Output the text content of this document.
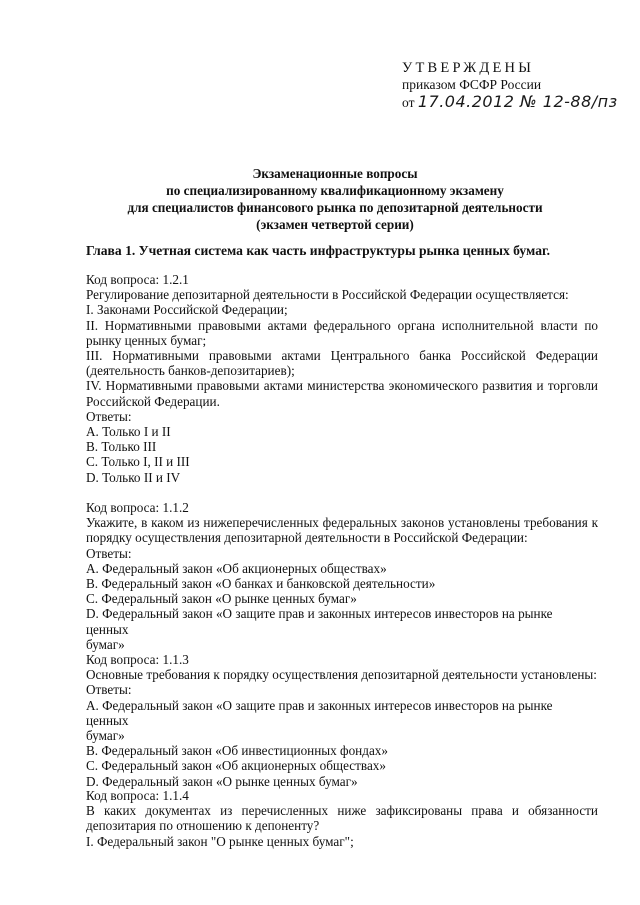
УТВЕРЖДЕНЫ
приказом ФСФР России
от 17.04.2012 № 12-88/пз
Экзаменационные вопросы
по специализированному квалификационному экзамену
для специалистов финансового рынка по депозитарной деятельности
(экзамен четвертой серии)
Глава 1. Учетная система как часть инфраструктуры рынка ценных бумаг.

Код вопроса: 1.2.1

Регулирование депозитарной деятельности в Российской Федерации осуществляется:

I. Законами Российской Федерации;

II. Нормативными правовыми актами федерального органа исполнительной власти по

рынку ценных бумаг;

III. Нормативными правовыми актами Центрального банка Российской Федерации

(деятельность банков-депозитариев);

IV. Нормативными правовыми актами министерства экономического развития и торговли

Российской Федерации.

Ответы:

A. Только I и II

B. Только III

C. Только I, II и III

D. Только II и IV

Код вопроса: 1.1.2

Укажите, в каком из нижеперечисленных федеральных законов установлены требования к

порядку осуществления депозитарной деятельности в Российской Федерации:

Ответы:

A. Федеральный закон «Об акционерных обществах»

B. Федеральный закон «О банках и банковской деятельности»

C. Федеральный закон «О рынке ценных бумаг»

D. Федеральный закон «О защите прав и законных интересов инвесторов на рынке ценных

бумаг»

Код вопроса: 1.1.3

Основные требования к порядку осуществления депозитарной деятельности установлены:

Ответы:

A. Федеральный закон «О защите прав и законных интересов инвесторов на рынке ценных

бумаг»

B. Федеральный закон «Об инвестиционных фондах»

C. Федеральный закон «Об акционерных обществах»

D. Федеральный закон «О рынке ценных бумаг»

Код вопроса: 1.1.4

В каких документах из перечисленных ниже зафиксированы права и обязанности

депозитария по отношению к депоненту?

I. Федеральный закон "О рынке ценных бумаг";
